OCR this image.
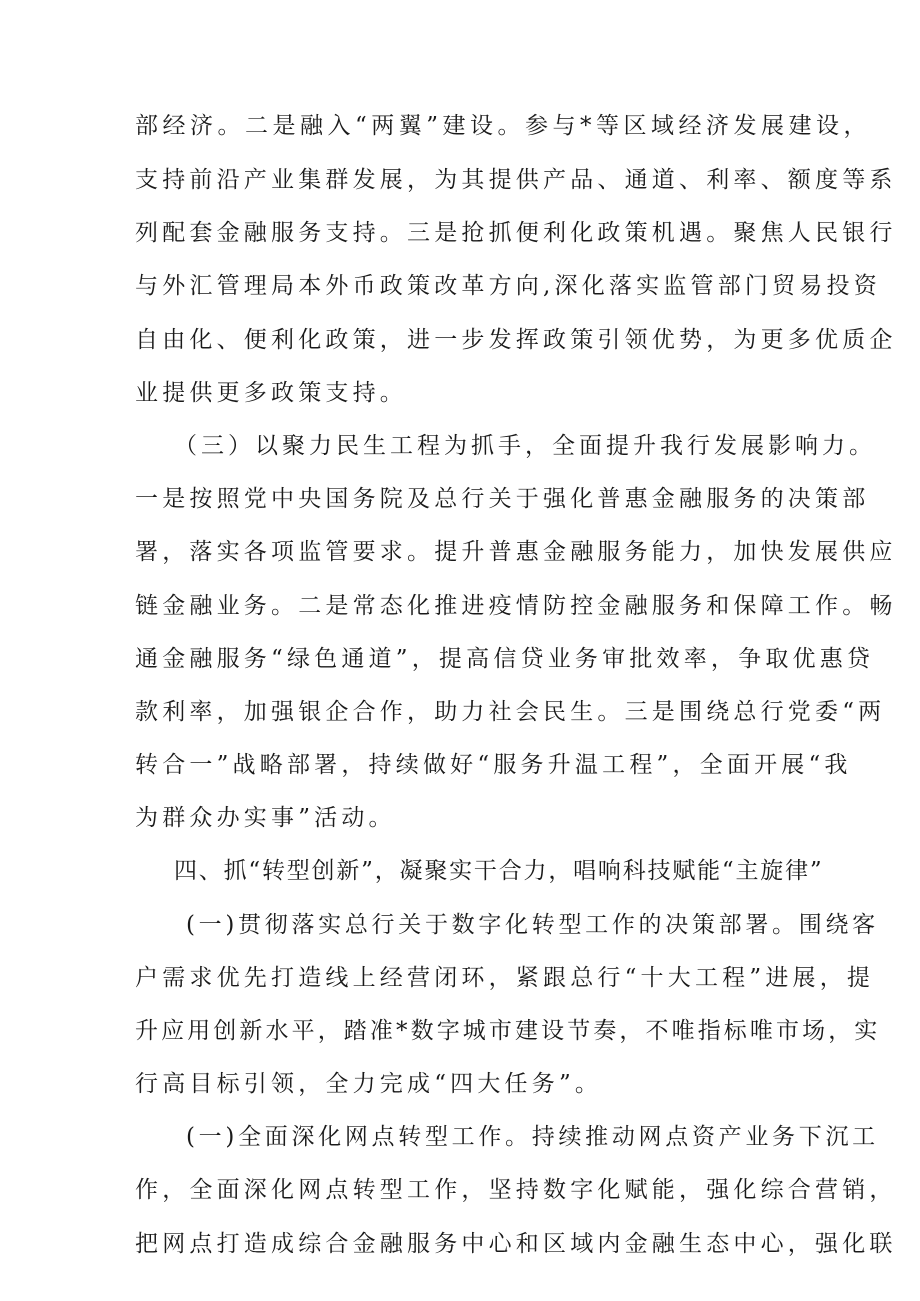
部经济。二是融入“两翼”建设。参与*等区域经济发展建设，
支持前沿产业集群发展，为其提供产品、通道、利率、额度等系
列配套金融服务支持。三是抢抓便利化政策机遇。聚焦人民银行
与外汇管理局本外币政策改革方向,深化落实监管部门贸易投资
自由化、便利化政策，进一步发挥政策引领优势，为更多优质企
业提供更多政策支持。
（三）以聚力民生工程为抓手，全面提升我行发展影响力。
一是按照党中央国务院及总行关于强化普惠金融服务的决策部
署，落实各项监管要求。提升普惠金融服务能力，加快发展供应
链金融业务。二是常态化推进疫情防控金融服务和保障工作。畅
通金融服务“绿色通道”，提高信贷业务审批效率，争取优惠贷
款利率，加强银企合作，助力社会民生。三是围绕总行党委“两
转合一”战略部署，持续做好“服务升温工程”，全面开展“我
为群众办实事”活动。
四、抓“转型创新”，凝聚实干合力，唱响科技赋能“主旋律”
(一)贯彻落实总行关于数字化转型工作的决策部署。围绕客
户需求优先打造线上经营闭环，紧跟总行“十大工程”进展，提
升应用创新水平，踏准*数字城市建设节奏，不唯指标唯市场，实
行高目标引领，全力完成“四大任务”。
(一)全面深化网点转型工作。持续推动网点资产业务下沉工
作，全面深化网点转型工作，坚持数字化赋能，强化综合营销，
把网点打造成综合金融服务中心和区域内金融生态中心，强化联
